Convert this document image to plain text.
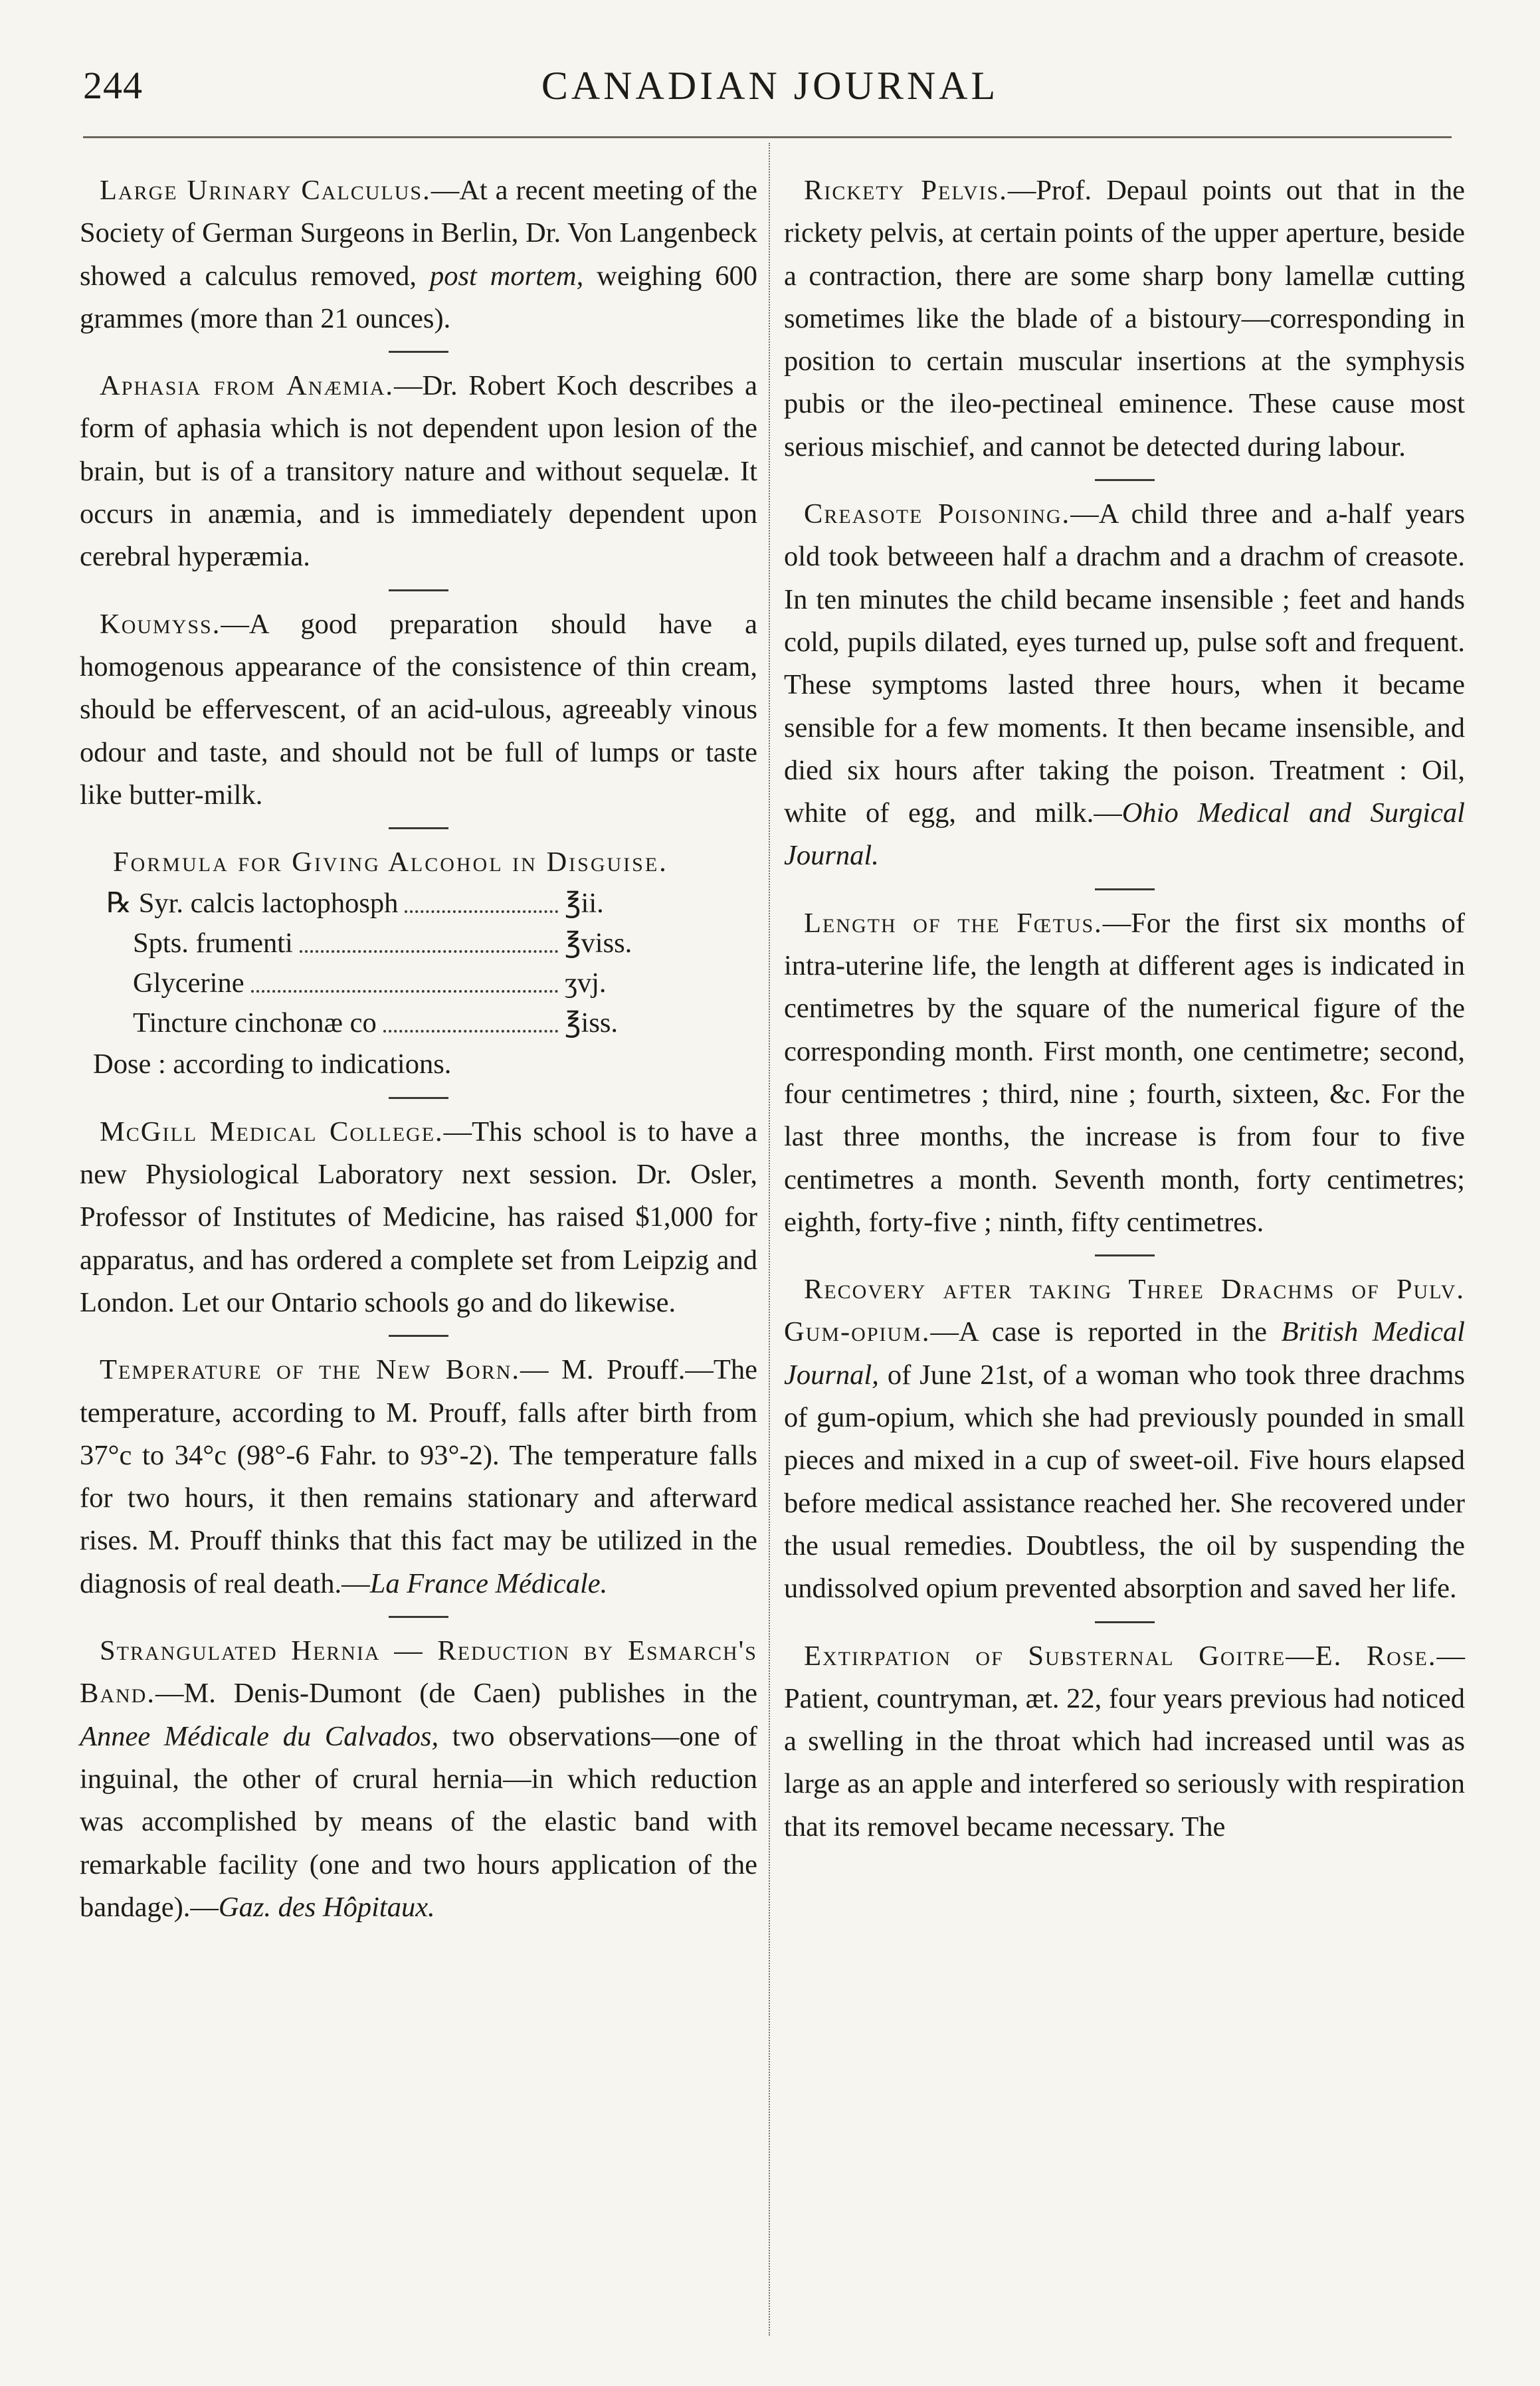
244	CANADIAN JOURNAL

Large Urinary Calculus.—At a recent meeting of the Society of German Surgeons in Berlin, Dr. Von Langenbeck showed a calculus removed, post mortem, weighing 600 grammes (more than 21 ounces).

Aphasia from Anæmia.—Dr. Robert Koch describes a form of aphasia which is not dependent upon lesion of the brain, but is of a transitory nature and without sequelæ. It occurs in anæmia, and is immediately dependent upon cerebral hyperæmia.

Koumyss.—A good preparation should have a homogenous appearance of the consistence of thin cream, should be effervescent, of an acid-ulous, agreeably vinous odour and taste, and should not be full of lumps or taste like butter-milk.

Formula for Giving Alcohol in Disguise.

℞ Syr. calcis lactophosph	℥ii.
Spts. frumenti	℥viss.
Glycerine	ʒvj.
Tincture cinchonæ co	℥iss.

Dose : according to indications.

McGill Medical College.—This school is to have a new Physiological Laboratory next session. Dr. Osler, Professor of Institutes of Medicine, has raised $1,000 for apparatus, and has ordered a complete set from Leipzig and London. Let our Ontario schools go and do likewise.

Temperature of the New Born.— M. Prouff.—The temperature, according to M. Prouff, falls after birth from 37°c to 34°c (98°-6 Fahr. to 93°-2). The temperature falls for two hours, it then remains stationary and afterward rises. M. Prouff thinks that this fact may be utilized in the diagnosis of real death.—La France Médicale.

Strangulated Hernia — Reduction by Esmarch's Band.—M. Denis-Dumont (de Caen) publishes in the Annee Médicale du Calvados, two observations—one of inguinal, the other of crural hernia—in which reduction was accomplished by means of the elastic band with remarkable facility (one and two hours application of the bandage).—Gaz. des Hôpitaux.

Rickety Pelvis.—Prof. Depaul points out that in the rickety pelvis, at certain points of the upper aperture, beside a contraction, there are some sharp bony lamellæ cutting sometimes like the blade of a bistoury—corresponding in position to certain muscular insertions at the symphysis pubis or the ileo-pectineal eminence. These cause most serious mischief, and cannot be detected during labour.

Creasote Poisoning.—A child three and a-half years old took betweeen half a drachm and a drachm of creasote. In ten minutes the child became insensible ; feet and hands cold, pupils dilated, eyes turned up, pulse soft and frequent. These symptoms lasted three hours, when it became sensible for a few moments. It then became insensible, and died six hours after taking the poison. Treatment : Oil, white of egg, and milk.—Ohio Medical and Surgical Journal.

Length of the Fœtus.—For the first six months of intra-uterine life, the length at different ages is indicated in centimetres by the square of the numerical figure of the corresponding month. First month, one centimetre; second, four centimetres ; third, nine ; fourth, sixteen, &c. For the last three months, the increase is from four to five centimetres a month. Seventh month, forty centimetres; eighth, forty-five ; ninth, fifty centimetres.

Recovery after taking Three Drachms of Pulv. Gum-opium.—A case is reported in the British Medical Journal, of June 21st, of a woman who took three drachms of gum-opium, which she had previously pounded in small pieces and mixed in a cup of sweet-oil. Five hours elapsed before medical assistance reached her. She recovered under the usual remedies. Doubtless, the oil by suspending the undissolved opium prevented absorption and saved her life.

Extirpation of Substernal Goitre—E. Rose.—Patient, countryman, æt. 22, four years previous had noticed a swelling in the throat which had increased until was as large as an apple and interfered so seriously with respiration that its removel became necessary. The
